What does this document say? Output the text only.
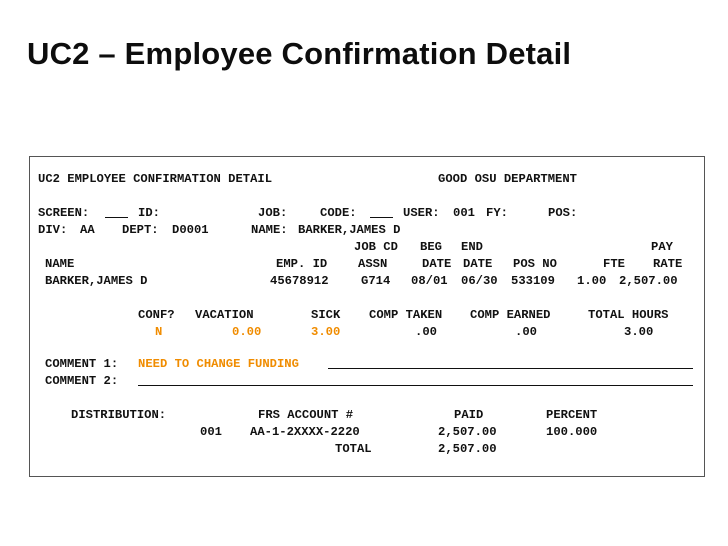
UC2 – Employee Confirmation Detail
UC2 EMPLOYEE CONFIRMATION DETAIL	GOOD OSU DEPARTMENT
SCREEN:	ID:	JOB:	CODE:	USER: 001 FY:	POS:
DIV: AA DEPT: D0001	NAME: BARKER,JAMES D
JOB CD BEG END	PAY
NAME	EMP. ID	ASSN	DATE DATE POS NO	FTE RATE
BARKER,JAMES D	45678912	G714 08/01 06/30 533109 1.00 2,507.00
CONF? VACATION	SICK COMP TAKEN COMP EARNED	TOTAL HOURS
N	0.00	3.00	.00	.00	3.00
COMMENT 1: NEED TO CHANGE FUNDING
COMMENT 2:
DISTRIBUTION:	FRS ACCOUNT #	PAID	PERCENT
001 AA-1-2XXXX-2220	2,507.00	100.000
TOTAL	2,507.00
